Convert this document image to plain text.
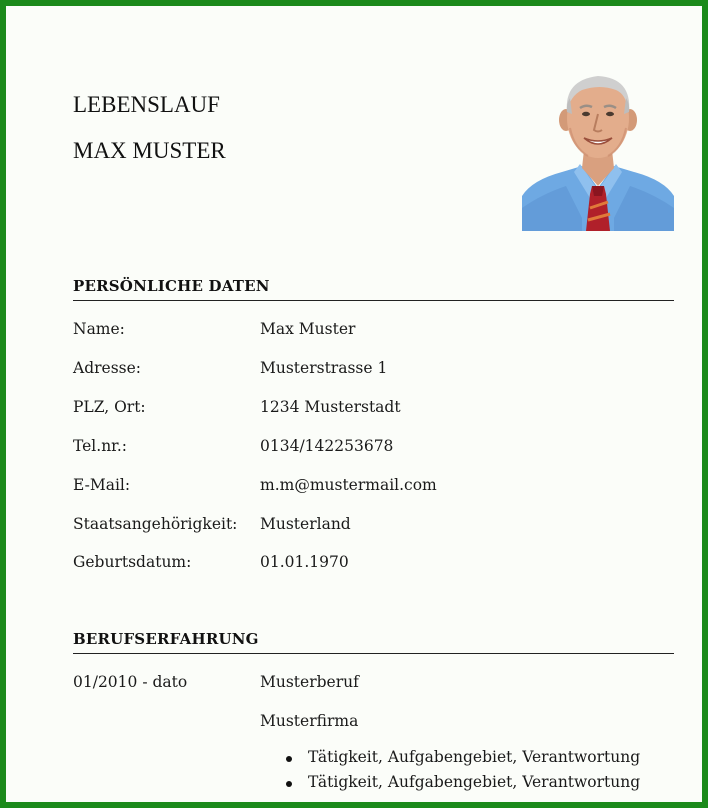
LEBENSLAUF
MAX MUSTER
PERSÖNLICHE DATEN
Name:	Max Muster
Adresse:	Musterstrasse 1
PLZ, Ort:	1234 Musterstadt
Tel.nr.:	0134/142253678
E-Mail:	m.m@mustermail.com
Staatsangehörigkeit: Musterland
Geburtsdatum:	01.01.1970
BERUFSERFAHRUNG
01/2010 - dato	Musterberuf
Musterfirma
Tätigkeit, Aufgabengebiet, Verantwortung
Tätigkeit, Aufgabengebiet, Verantwortung
